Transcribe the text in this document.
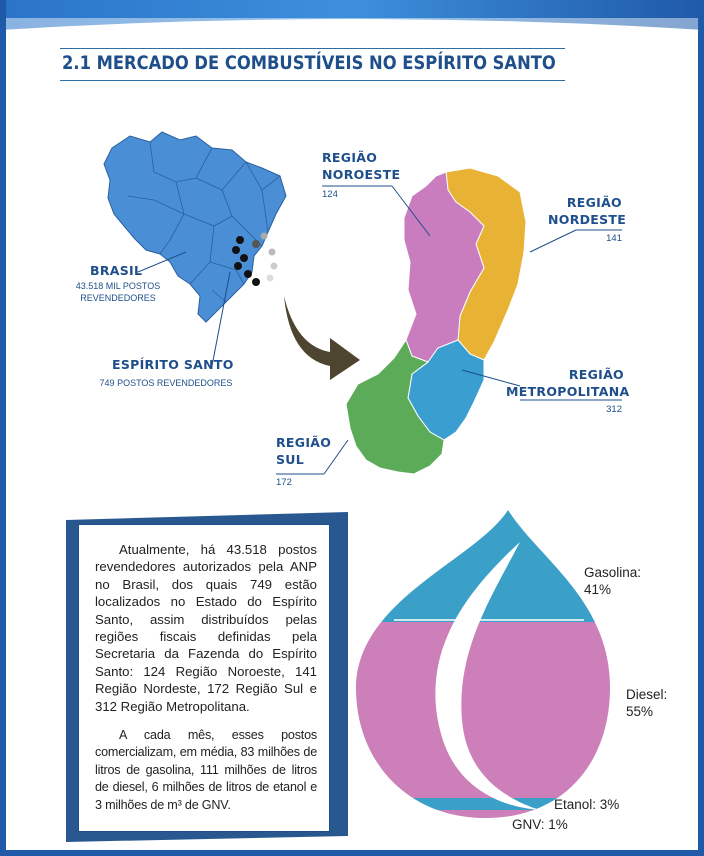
2.1 MERCADO DE COMBUSTÍVEIS NO ESPÍRITO SANTO
BRASIL
43.518 MIL POSTOS
REVENDEDORES
ESPÍRITO SANTO
749 POSTOS REVENDEDORES
REGIÃO
NOROESTE
124
REGIÃO
NORDESTE
141
REGIÃO
METROPOLITANA
312
REGIÃO
SUL
172

Atualmente, há 43.518 postos revendedores autorizados pela ANP no Brasil, dos quais 749 estão localizados no Estado do Espírito Santo, assim distribuídos pelas regiões fiscais definidas pela Secretaria da Fazenda do Espírito Santo: 124 Região Noroeste, 141 Região Nordeste, 172 Região Sul e 312 Região Metropolitana.

A cada mês, esses postos comercializam, em média, 83 milhões de litros de gasolina, 111 milhões de litros de diesel, 6 milhões de litros de etanol e 3 milhões de m³ de GNV.

Gasolina:
41%
Diesel:
55%
Etanol: 3%
GNV: 1%
